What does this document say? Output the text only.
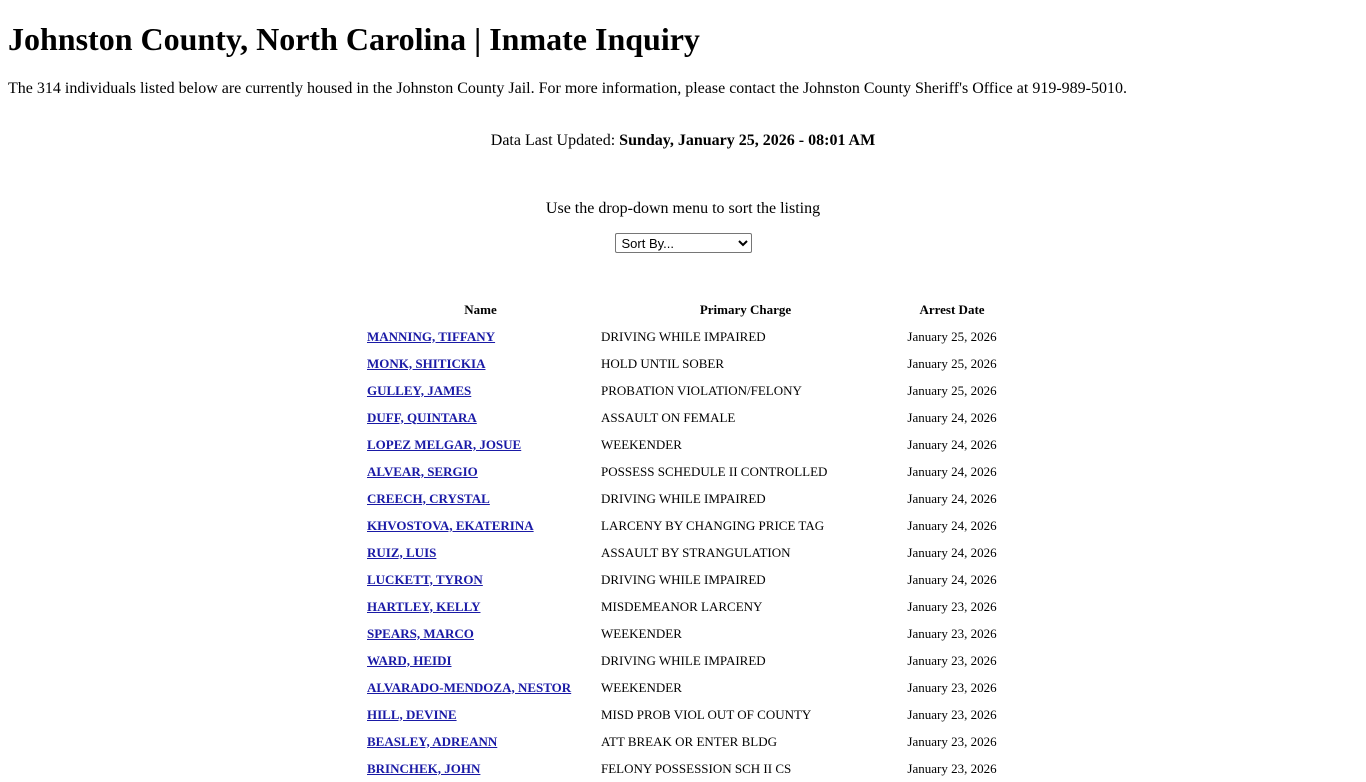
Johnston County, North Carolina | Inmate Inquiry

The 314 individuals listed below are currently housed in the Johnston County Jail. For more information, please contact the Johnston County Sheriff's Office at 919-989-5010.

Data Last Updated: Sunday, January 25, 2026 - 08:01 AM
Use the drop-down menu to sort the listing
Sort By...
Name	Primary Charge	Arrest Date
MANNING, TIFFANY	DRIVING WHILE IMPAIRED	January 25, 2026
MONK, SHITICKIA	HOLD UNTIL SOBER	January 25, 2026
GULLEY, JAMES	PROBATION VIOLATION/FELONY	January 25, 2026
DUFF, QUINTARA	ASSAULT ON FEMALE	January 24, 2026
LOPEZ MELGAR, JOSUE	WEEKENDER	January 24, 2026
ALVEAR, SERGIO	POSSESS SCHEDULE II CONTROLLED	January 24, 2026
CREECH, CRYSTAL	DRIVING WHILE IMPAIRED	January 24, 2026
KHVOSTOVA, EKATERINA	LARCENY BY CHANGING PRICE TAG	January 24, 2026
RUIZ, LUIS	ASSAULT BY STRANGULATION	January 24, 2026
LUCKETT, TYRON	DRIVING WHILE IMPAIRED	January 24, 2026
HARTLEY, KELLY	MISDEMEANOR LARCENY	January 23, 2026
SPEARS, MARCO	WEEKENDER	January 23, 2026
WARD, HEIDI	DRIVING WHILE IMPAIRED	January 23, 2026
ALVARADO-MENDOZA, NESTOR	WEEKENDER	January 23, 2026
HILL, DEVINE	MISD PROB VIOL OUT OF COUNTY	January 23, 2026
BEASLEY, ADREANN	ATT BREAK OR ENTER BLDG	January 23, 2026
BRINCHEK, JOHN	FELONY POSSESSION SCH II CS	January 23, 2026
